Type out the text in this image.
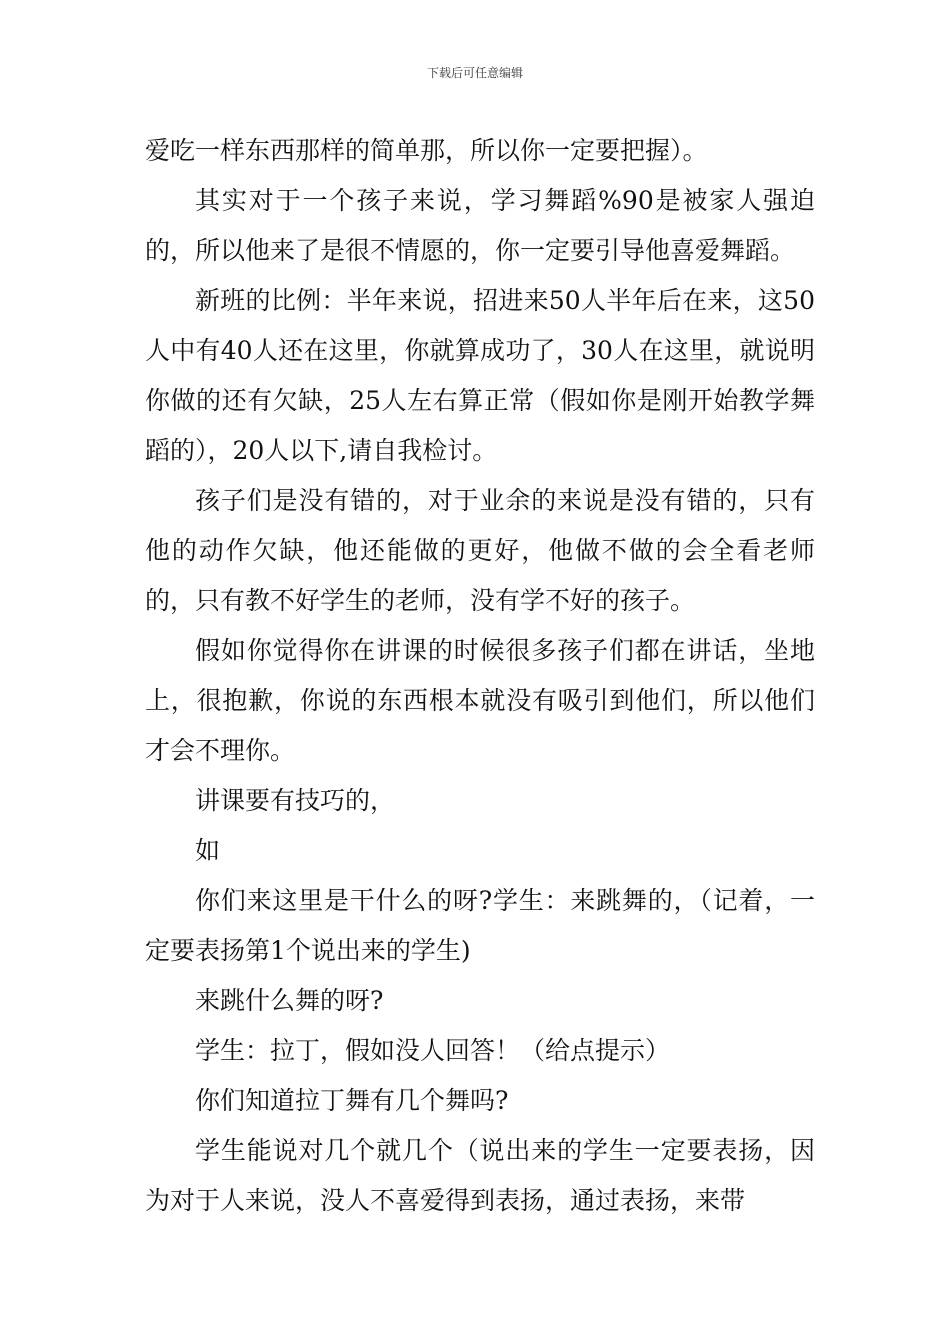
下载后可任意编辑

爱吃一样东西那样的简单那，所以你一定要把握）。

其实对于一个孩子来说，学习舞蹈%90是被家人强迫的，所以他来了是很不情愿的，你一定要引导他喜爱舞蹈。

新班的比例：半年来说，招进来50人半年后在来，这50人中有40人还在这里，你就算成功了，30人在这里，就说明你做的还有欠缺，25人左右算正常（假如你是刚开始教学舞蹈的），20人以下,请自我检讨。

孩子们是没有错的，对于业余的来说是没有错的，只有他的动作欠缺，他还能做的更好，他做不做的会全看老师的，只有教不好学生的老师，没有学不好的孩子。

假如你觉得你在讲课的时候很多孩子们都在讲话，坐地上，很抱歉，你说的东西根本就没有吸引到他们，所以他们才会不理你。

讲课要有技巧的，

如

你们来这里是干什么的呀?学生：来跳舞的，（记着，一定要表扬第1个说出来的学生)

来跳什么舞的呀?

学生：拉丁，假如没人回答！（给点提示）

你们知道拉丁舞有几个舞吗?

学生能说对几个就几个（说出来的学生一定要表扬，因为对于人来说，没人不喜爱得到表扬，通过表扬，来带
